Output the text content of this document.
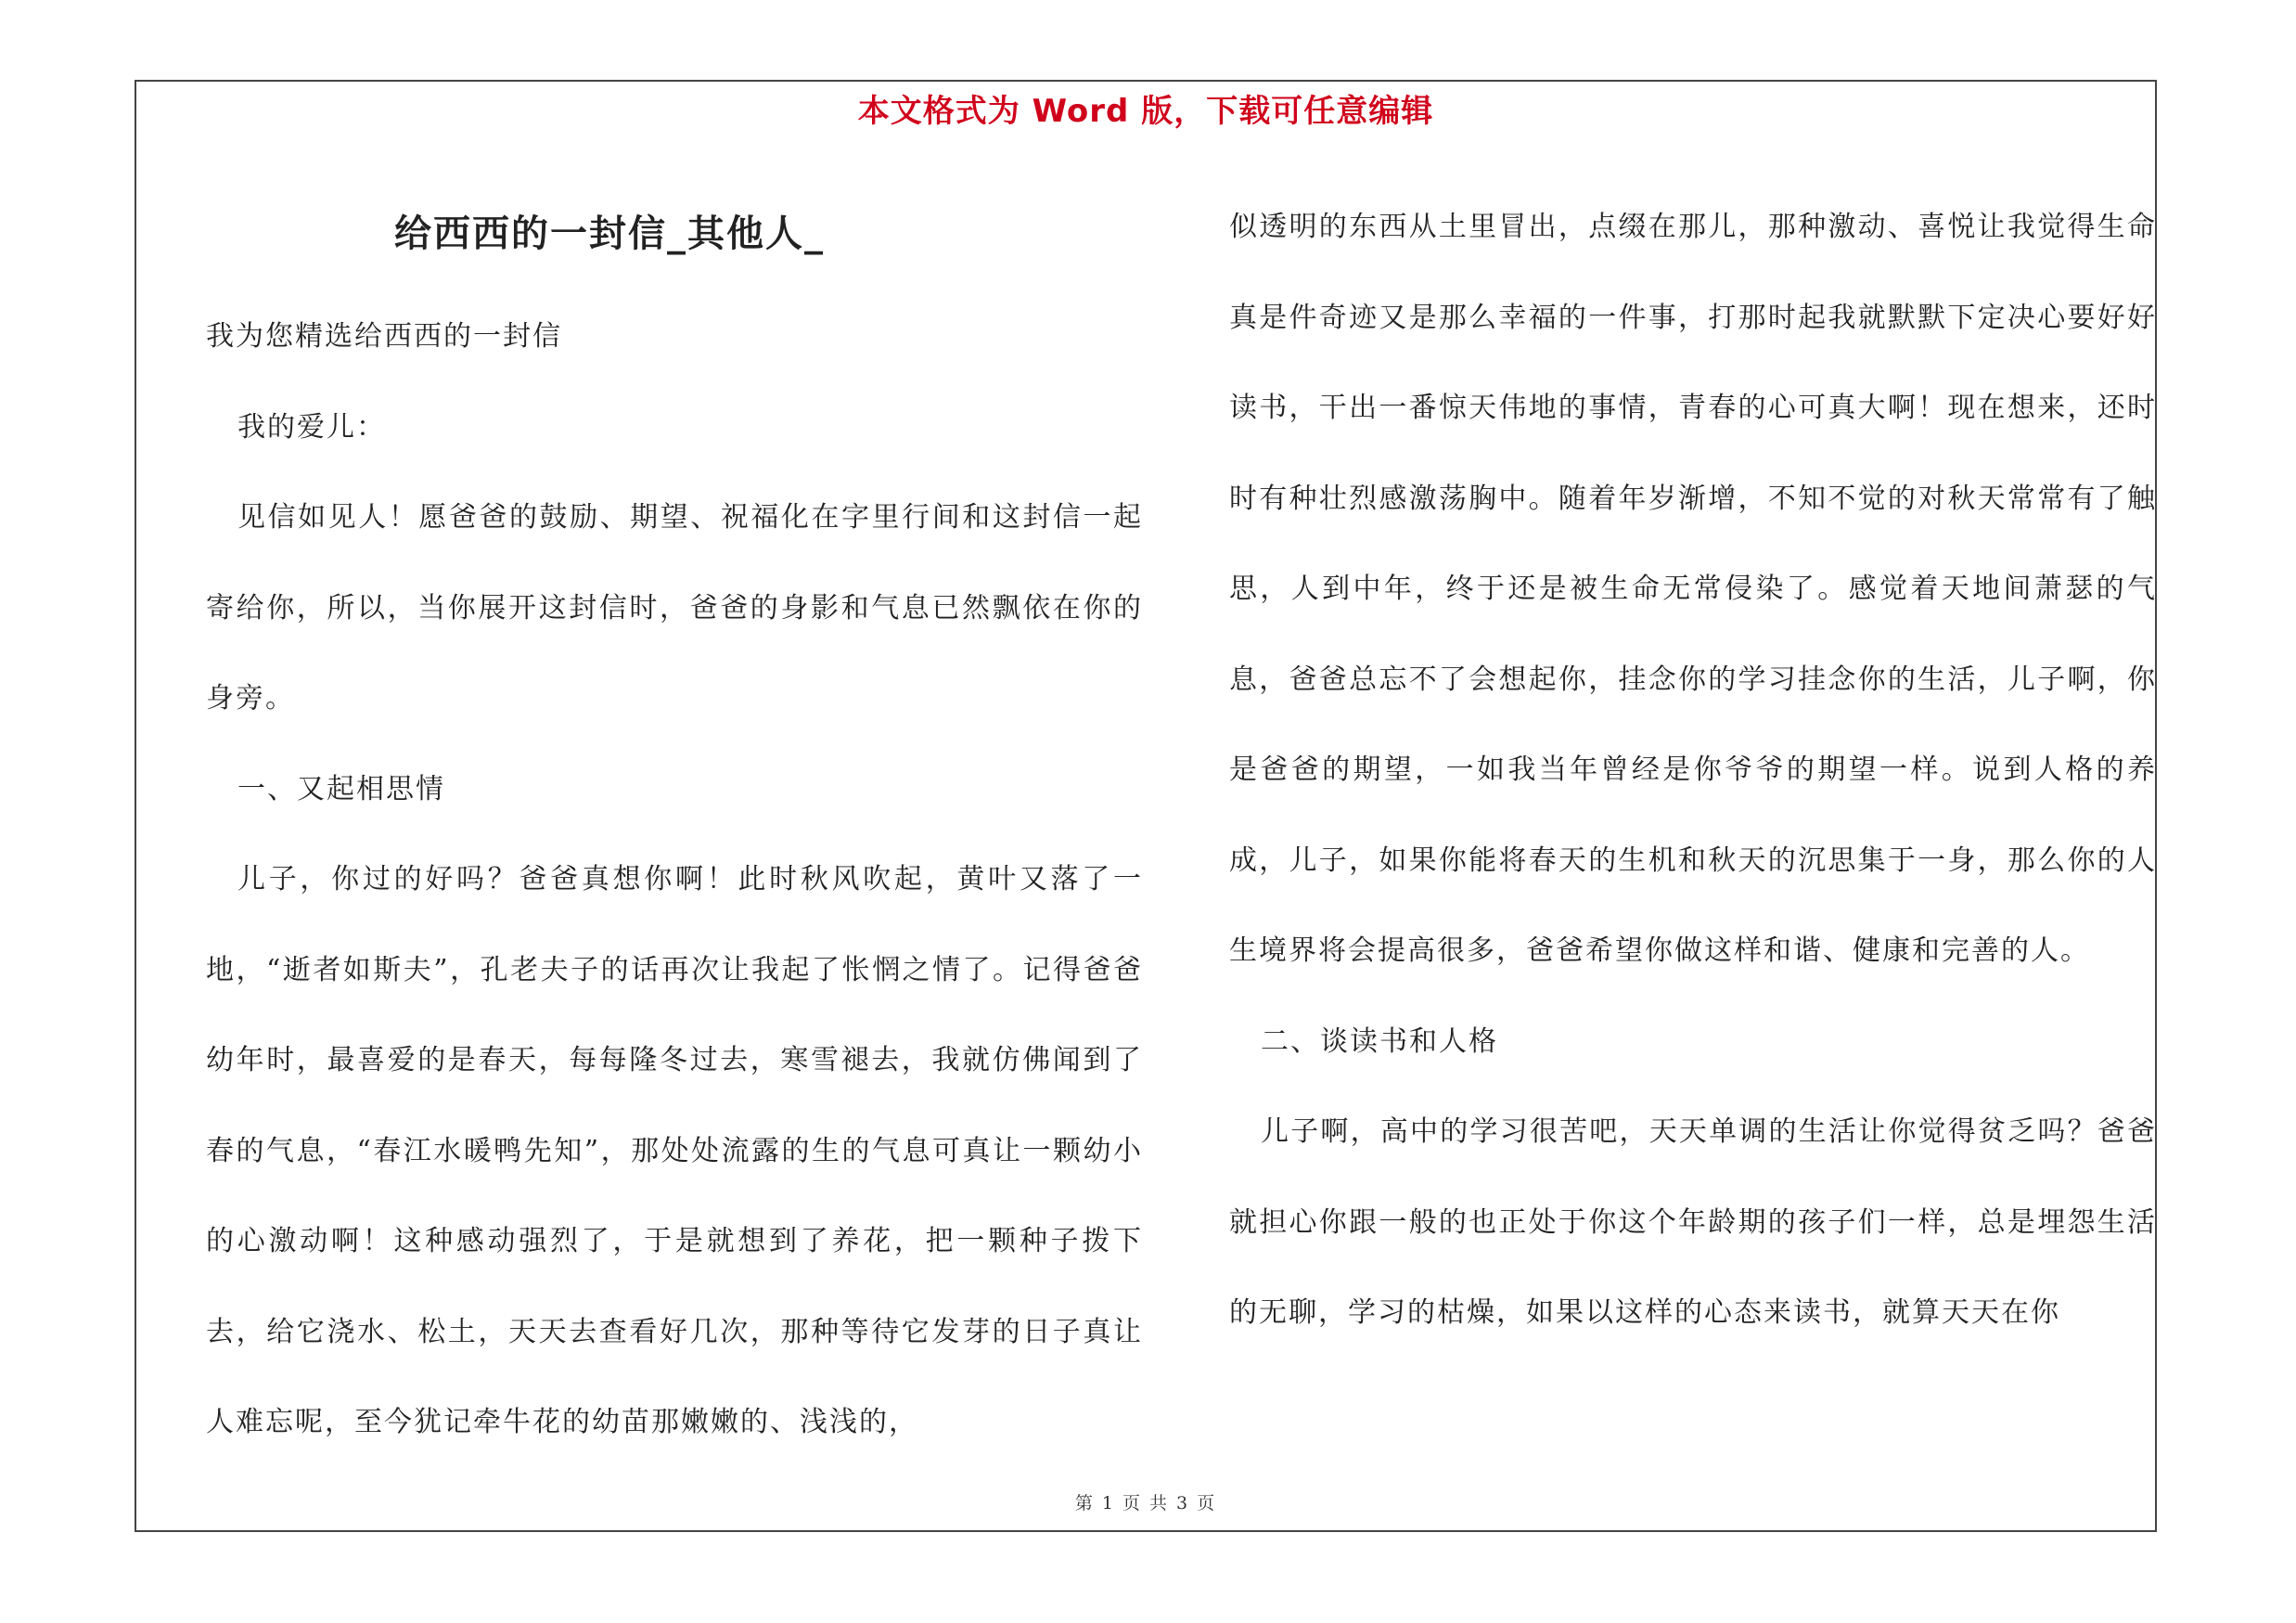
本文格式为 Word 版，下载可任意编辑
给西西的一封信_其他人_

我为您精选给西西的一封信

我的爱儿：

见信如见人！愿爸爸的鼓励、期望、祝福化在字里行间和这封信一起寄给你，所以，当你展开这封信时，爸爸的身影和气息已然飘依在你的身旁。

一、又起相思情

儿子，你过的好吗？爸爸真想你啊！此时秋风吹起，黄叶又落了一地，“逝者如斯夫”，孔老夫子的话再次让我起了怅惘之情了。记得爸爸幼年时，最喜爱的是春天，每每隆冬过去，寒雪褪去，我就仿佛闻到了春的气息，“春江水暖鸭先知”，那处处流露的生的气息可真让一颗幼小的心激动啊！这种感动强烈了，于是就想到了养花，把一颗种子拨下去，给它浇水、松土，天天去查看好几次，那种等待它发芽的日子真让人难忘呢，至今犹记牵牛花的幼苗那嫩嫩的、浅浅的，

似透明的东西从土里冒出，点缀在那儿，那种激动、喜悦让我觉得生命真是件奇迹又是那么幸福的一件事，打那时起我就默默下定决心要好好读书，干出一番惊天伟地的事情，青春的心可真大啊！现在想来，还时时有种壮烈感激荡胸中。随着年岁渐增，不知不觉的对秋天常常有了触思，人到中年，终于还是被生命无常侵染了。感觉着天地间萧瑟的气息，爸爸总忘不了会想起你，挂念你的学习挂念你的生活，儿子啊，你是爸爸的期望，一如我当年曾经是你爷爷的期望一样。说到人格的养成，儿子，如果你能将春天的生机和秋天的沉思集于一身，那么你的人生境界将会提高很多，爸爸希望你做这样和谐、健康和完善的人。

二、谈读书和人格

儿子啊，高中的学习很苦吧，天天单调的生活让你觉得贫乏吗？爸爸就担心你跟一般的也正处于你这个年龄期的孩子们一样，总是埋怨生活的无聊，学习的枯燥，如果以这样的心态来读书，就算天天在你

第 1 页 共 3 页
